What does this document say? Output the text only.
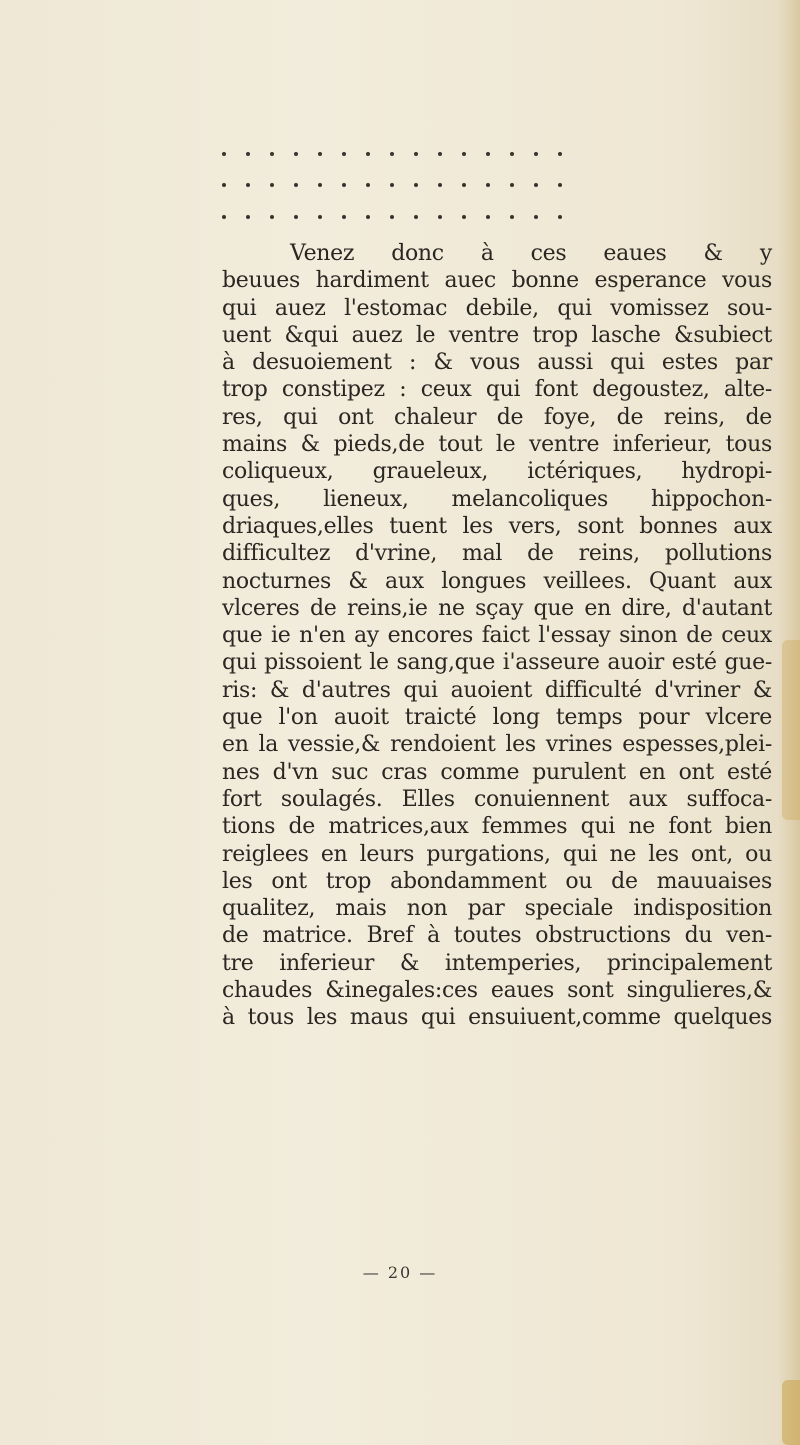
Venez donc à ces eaues & y
beuues hardiment auec bonne esperance vous
qui auez l'estomac debile, qui vomissez sou-
uent &qui auez le ventre trop lasche &subiect
à desuoiement : & vous aussi qui estes par
trop constipez : ceux qui font degoustez, alte-
res, qui ont chaleur de foye, de reins, de
mains & pieds,de tout le ventre inferieur, tous
coliqueux, graueleux, ictériques, hydropi-
ques, lieneux, melancoliques hippochon-
driaques,elles tuent les vers, sont bonnes aux
difficultez d'vrine, mal de reins, pollutions
nocturnes & aux longues veillees. Quant aux
vlceres de reins,ie ne sçay que en dire, d'autant
que ie n'en ay encores faict l'essay sinon de ceux
qui pissoient le sang,que i'asseure auoir esté gue-
ris: & d'autres qui auoient difficulté d'vriner &
que l'on auoit traicté long temps pour vlcere
en la vessie,& rendoient les vrines espesses,plei-
nes d'vn suc cras comme purulent en ont esté
fort soulagés. Elles conuiennent aux suffoca-
tions de matrices,aux femmes qui ne font bien
reiglees en leurs purgations, qui ne les ont, ou
les ont trop abondamment ou de mauuaises
qualitez, mais non par speciale indisposition
de matrice. Bref à toutes obstructions du ven-
tre inferieur & intemperies, principalement
chaudes &inegales:ces eaues sont singulieres,&
à tous les maus qui ensuiuent,comme quelques
— 20 —
